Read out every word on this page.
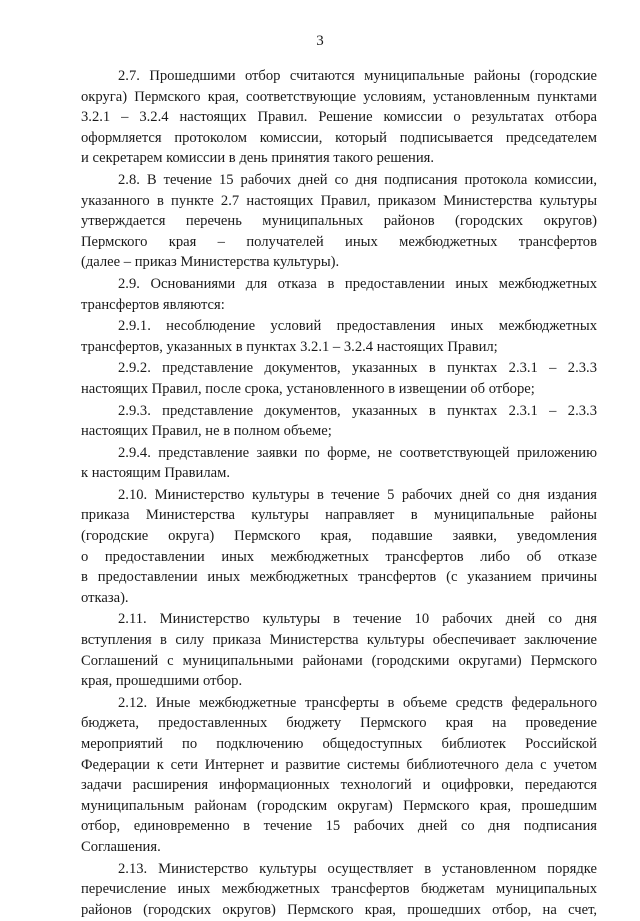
3

2.7. Прошедшими отбор считаются муниципальные районы (городские
округа) Пермского края, соответствующие условиям, установленным пунктами
3.2.1 – 3.2.4 настоящих Правил. Решение комиссии о результатах отбора
оформляется протоколом комиссии, который подписывается председателем
и секретарем комиссии в день принятия такого решения.

2.8. В течение 15 рабочих дней со дня подписания протокола комиссии,
указанного в пункте 2.7 настоящих Правил, приказом Министерства культуры
утверждается перечень муниципальных районов (городских округов)
Пермского края – получателей иных межбюджетных трансфертов
(далее – приказ Министерства культуры).

2.9. Основаниями для отказа в предоставлении иных межбюджетных
трансфертов являются:

2.9.1. несоблюдение условий предоставления иных межбюджетных
трансфертов, указанных в пунктах 3.2.1 – 3.2.4 настоящих Правил;

2.9.2. представление документов, указанных в пунктах 2.3.1 – 2.3.3
настоящих Правил, после срока, установленного в извещении об отборе;

2.9.3. представление документов, указанных в пунктах 2.3.1 – 2.3.3
настоящих Правил, не в полном объеме;

2.9.4. представление заявки по форме, не соответствующей приложению
к настоящим Правилам.

2.10. Министерство культуры в течение 5 рабочих дней со дня издания
приказа Министерства культуры направляет в муниципальные районы
(городские округа) Пермского края, подавшие заявки, уведомления
о предоставлении иных межбюджетных трансфертов либо об отказе
в предоставлении иных межбюджетных трансфертов (с указанием причины
отказа).

2.11. Министерство культуры в течение 10 рабочих дней со дня
вступления в силу приказа Министерства культуры обеспечивает заключение
Соглашений с муниципальными районами (городскими округами) Пермского
края, прошедшими отбор.

2.12. Иные межбюджетные трансферты в объеме средств федерального
бюджета, предоставленных бюджету Пермского края на проведение
мероприятий по подключению общедоступных библиотек Российской
Федерации к сети Интернет и развитие системы библиотечного дела с учетом
задачи расширения информационных технологий и оцифровки, передаются
муниципальным районам (городским округам) Пермского края, прошедшим
отбор, единовременно в течение 15 рабочих дней со дня подписания
Соглашения.

2.13. Министерство культуры осуществляет в установленном порядке
перечисление иных межбюджетных трансфертов бюджетам муниципальных
районов (городских округов) Пермского края, прошедших отбор, на счет,
